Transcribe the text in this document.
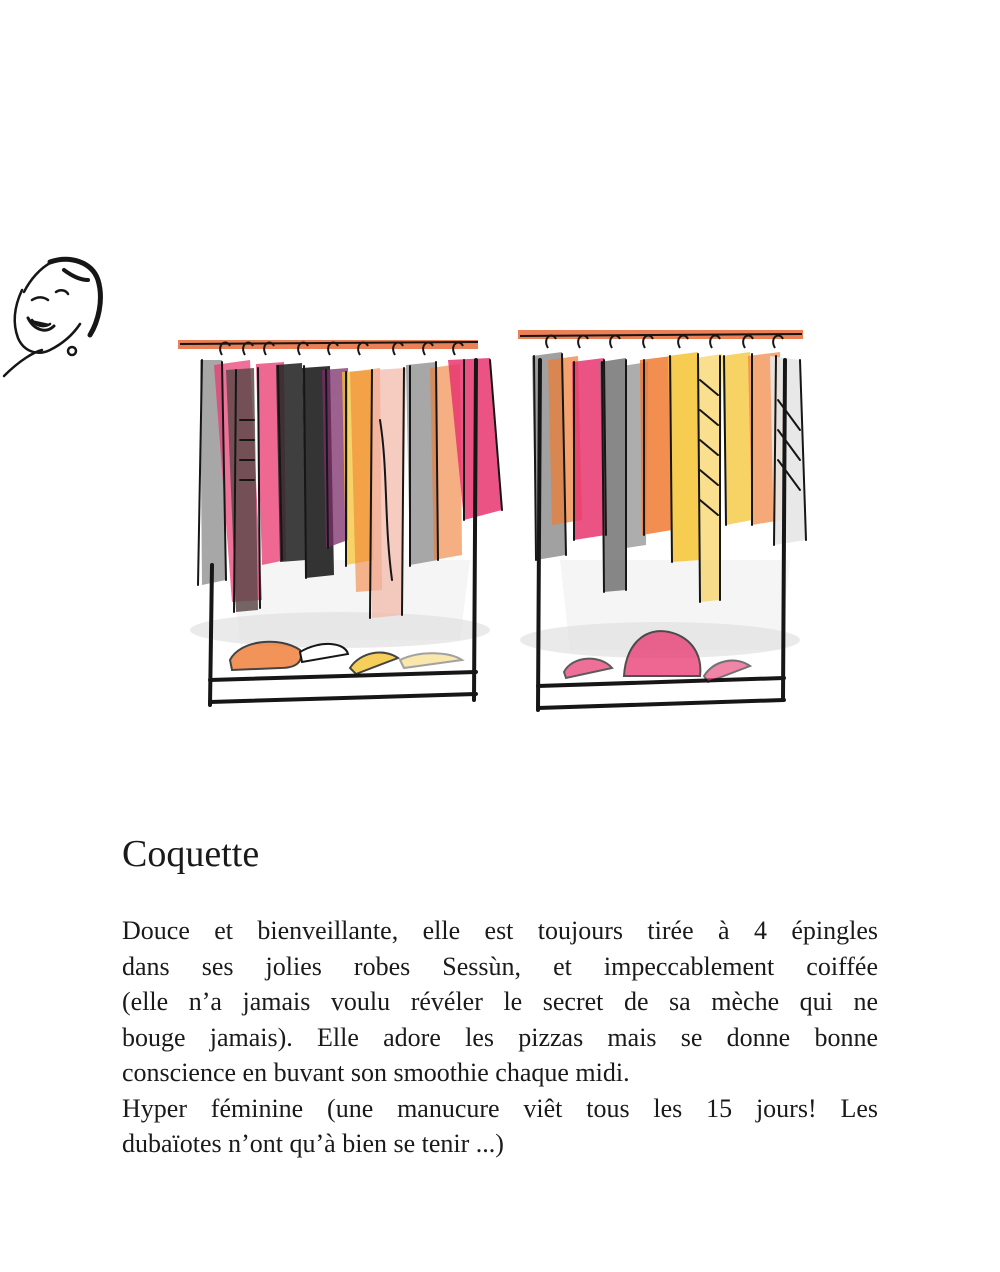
Coquette

Douce et bienveillante, elle est toujours tirée à 4 épingles
dans ses jolies robes Sessùn, et impeccablement coiffée
(elle n’a jamais voulu révéler le secret de sa mèche qui ne
bouge jamais). Elle adore les pizzas mais se donne bonne
conscience en buvant son smoothie chaque midi.
Hyper féminine (une manucure viêt tous les 15 jours! Les
dubaïotes n’ont qu’à bien se tenir ...)
